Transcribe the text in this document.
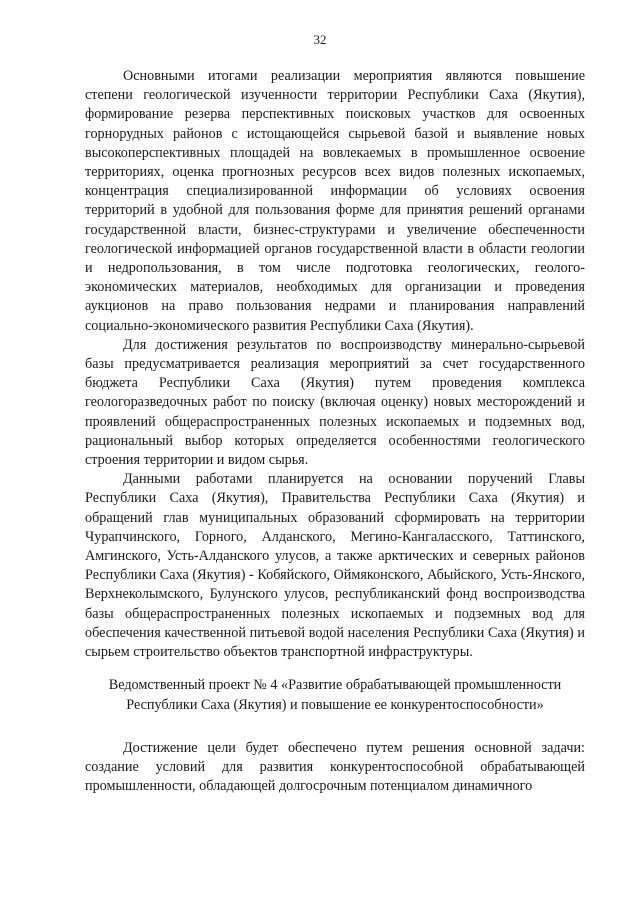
32

Основными итогами реализации мероприятия являются повышение степени геологической изученности территории Республики Саха (Якутия), формирование резерва перспективных поисковых участков для освоенных горнорудных районов с истощающейся сырьевой базой и выявление новых высокоперспективных площадей на вовлекаемых в промышленное освоение территориях, оценка прогнозных ресурсов всех видов полезных ископаемых, концентрация специализированной информации об условиях освоения территорий в удобной для пользования форме для принятия решений органами государственной власти, бизнес-структурами и увеличение обеспеченности геологической информацией органов государственной власти в области геологии и недропользования, в том числе подготовка геологических, геолого-экономических материалов, необходимых для организации и проведения аукционов на право пользования недрами и планирования направлений социально-экономического развития Республики Саха (Якутия).

Для достижения результатов по воспроизводству минерально-сырьевой базы предусматривается реализация мероприятий за счет государственного бюджета Республики Саха (Якутия) путем проведения комплекса геологоразведочных работ по поиску (включая оценку) новых месторождений и проявлений общераспространенных полезных ископаемых и подземных вод, рациональный выбор которых определяется особенностями геологического строения территории и видом сырья.

Данными работами планируется на основании поручений Главы Республики Саха (Якутия), Правительства Республики Саха (Якутия) и обращений глав муниципальных образований сформировать на территории Чурапчинского, Горного, Алданского, Мегино-Кангаласского, Таттинского, Амгинского, Усть-Алданского улусов, а также арктических и северных районов Республики Саха (Якутия) - Кобяйского, Оймяконского, Абыйского, Усть-Янского, Верхнеколымского, Булунского улусов, республиканский фонд воспроизводства базы общераспространенных полезных ископаемых и подземных вод для обеспечения качественной питьевой водой населения Республики Саха (Якутия) и сырьем строительство объектов транспортной инфраструктуры.

Ведомственный проект № 4 «Развитие обрабатывающей промышленности
Республики Саха (Якутия) и повышение ее конкурентоспособности»

Достижение цели будет обеспечено путем решения основной задачи: создание условий для развития конкурентоспособной обрабатывающей промышленности, обладающей долгосрочным потенциалом динамичного
